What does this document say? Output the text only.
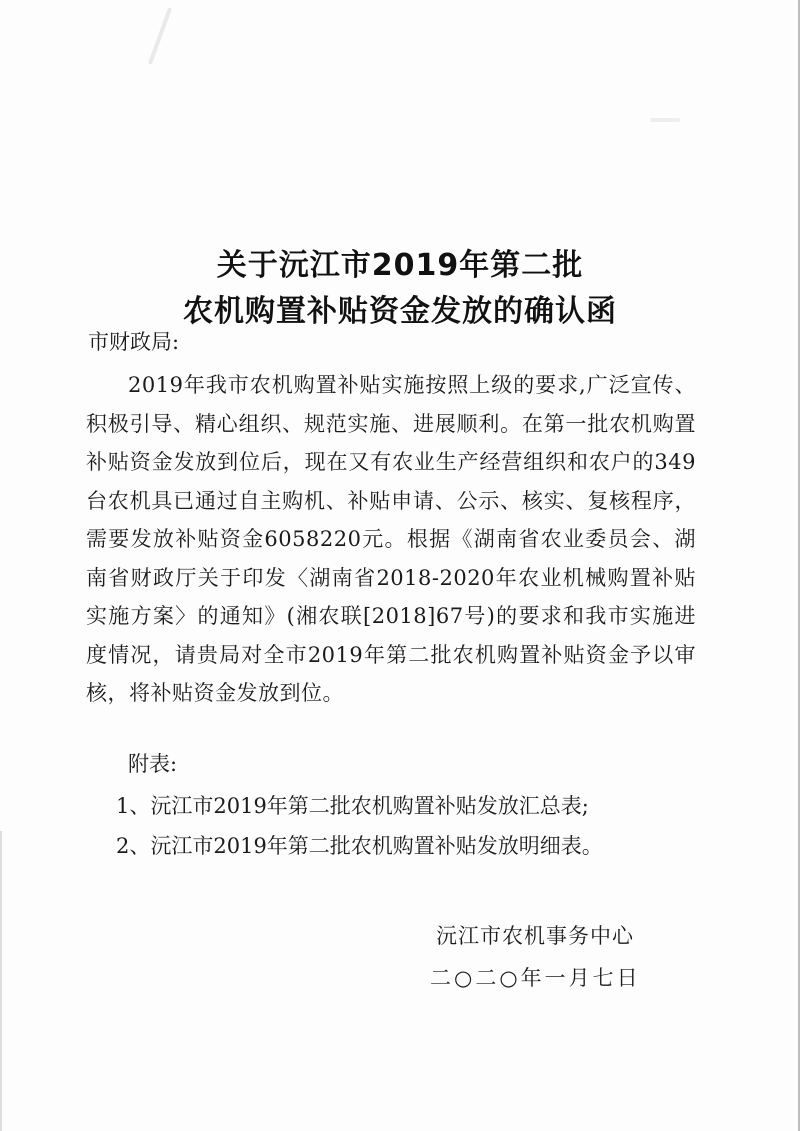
关于沅江市2019年第二批
农机购置补贴资金发放的确认函
市财政局:
2019年我市农机购置补贴实施按照上级的要求,广泛宣传、积极引导、精心组织、规范实施、进展顺利。在第一批农机购置补贴资金发放到位后，现在又有农业生产经营组织和农户的349台农机具已通过自主购机、补贴申请、公示、核实、复核程序，需要发放补贴资金6058220元。根据《湖南省农业委员会、湖南省财政厅关于印发〈湖南省2018-2020年农业机械购置补贴实施方案〉的通知》(湘农联[2018]67号)的要求和我市实施进度情况，请贵局对全市2019年第二批农机购置补贴资金予以审核，将补贴资金发放到位。
附表:
1、沅江市2019年第二批农机购置补贴发放汇总表;
2、沅江市2019年第二批农机购置补贴发放明细表。
沅江市农机事务中心
二○二○年一月七日
